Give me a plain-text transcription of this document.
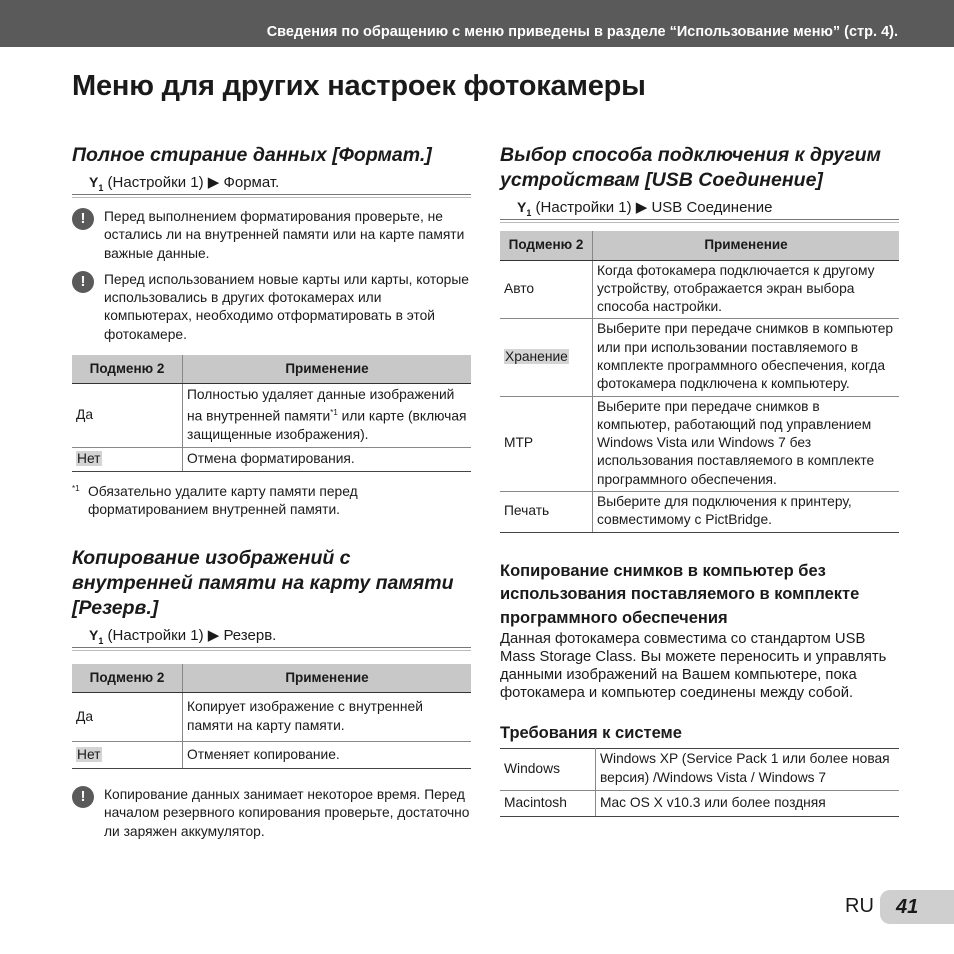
Сведения по обращению с меню приведены в разделе “Использование меню” (стр. 4).
Меню для других настроек фотокамеры
Полное стирание данных [Формат.]
$Y_1$ (Настройки 1) ▶ Формат.
!	Перед выполнением форматирования проверьте, не остались ли на внутренней памяти или на карте памяти важные данные.
!	Перед использованием новые карты или карты, которые использовались в других фотокамерах или компьютерах, необходимо отформатировать в этой фотокамере.
Подменю 2	Применение
Да	Полностью удаляет данные изображений на внутренней памяти$^{*1}$ или карте (включая защищенные изображения).
Нет	Отмена форматирования.
*1 Обязательно удалите карту памяти перед форматированием внутренней памяти.
Копирование изображений с внутренней памяти на карту памяти [Резерв.]
$Y_1$ (Настройки 1) ▶ Резерв.
Подменю 2	Применение
Да	Копирует изображение с внутренней памяти на карту памяти.
Нет	Отменяет копирование.
!	Копирование данных занимает некоторое время. Перед началом резервного копирования проверьте, достаточно ли заряжен аккумулятор.
Выбор способа подключения к другим устройствам [USB Соединение]
$Y_1$ (Настройки 1) ▶ USB Соединение
Подменю 2	Применение
Авто	Когда фотокамера подключается к другому устройству, отображается экран выбора способа настройки.
Хранение	Выберите при передаче снимков в компьютер или при использовании поставляемого в комплекте программного обеспечения, когда фотокамера подключена к компьютеру.
MTP	Выберите при передаче снимков в компьютер, работающий под управлением Windows Vista или Windows 7 без использования поставляемого в комплекте программного обеспечения.
Печать	Выберите для подключения к принтеру, совместимому с PictBridge.
Копирование снимков в компьютер без использования поставляемого в комплекте программного обеспечения
Данная фотокамера совместима со стандартом USB Mass Storage Class. Вы можете переносить и управлять данными изображений на Вашем компьютере, пока фотокамера и компьютер соединены между собой.
Требования к системе
Windows	Windows XP (Service Pack 1 или более новая версия) /Windows Vista / Windows 7
Macintosh	Mac OS X v10.3 или более поздняя
RU	41
